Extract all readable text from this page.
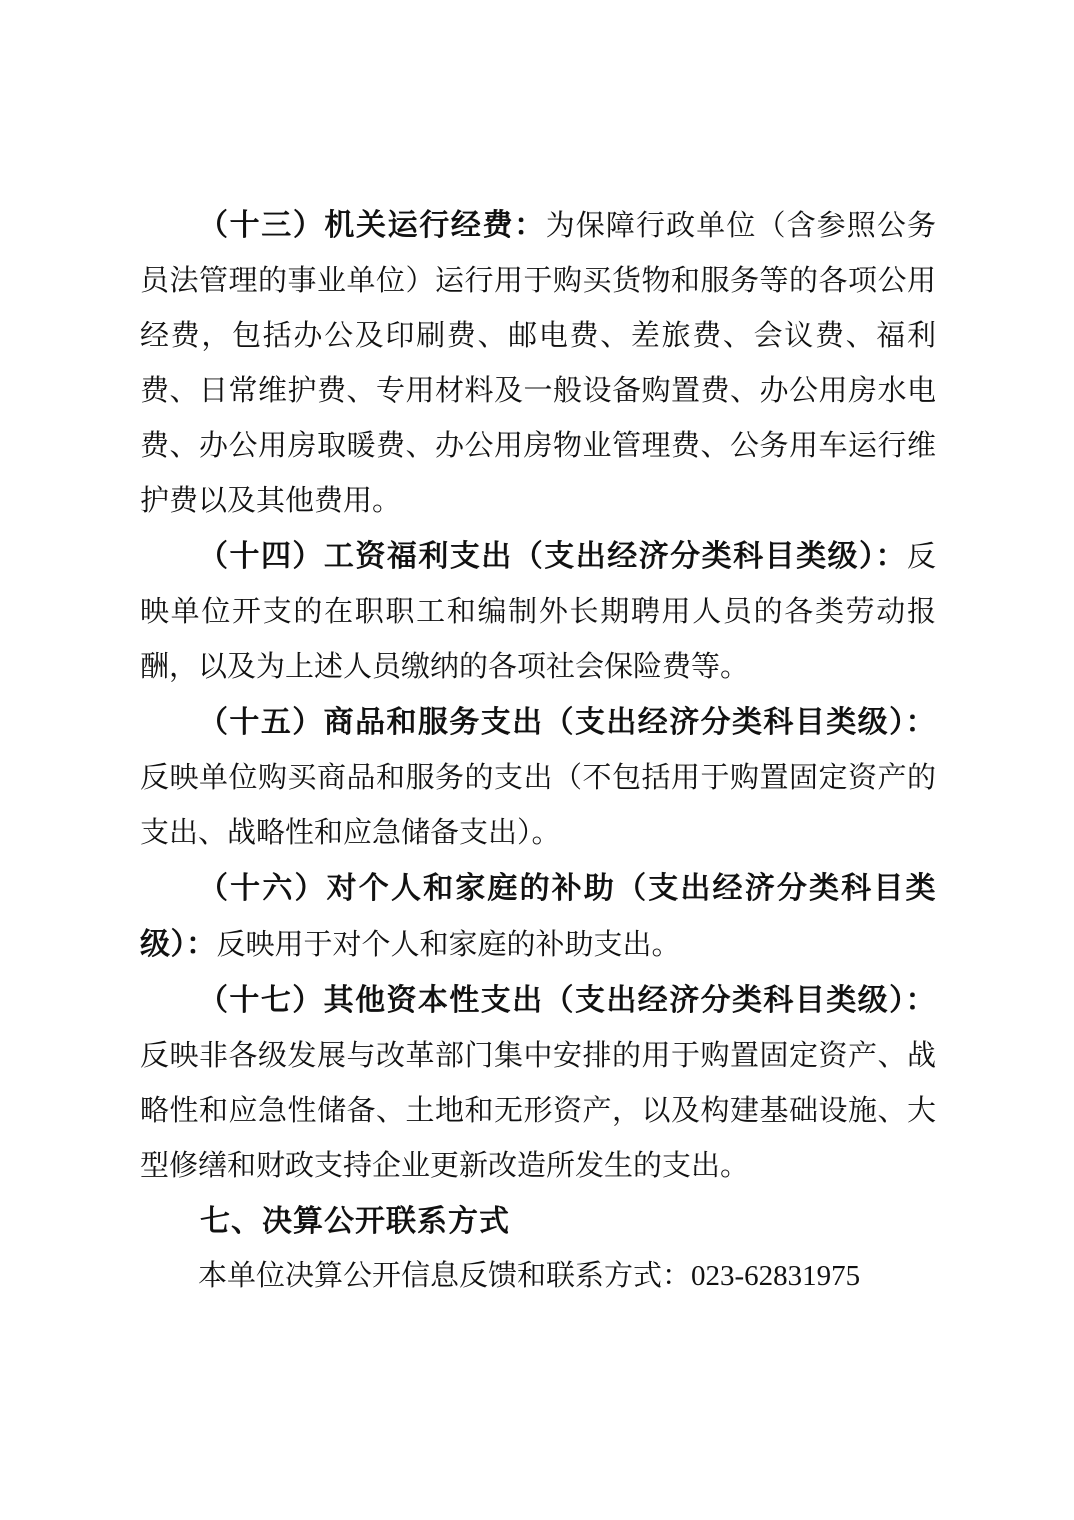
（十三）机关运行经费：为保障行政单位（含参照公务员法管理的事业单位）运行用于购买货物和服务等的各项公用经费，包括办公及印刷费、邮电费、差旅费、会议费、福利费、日常维护费、专用材料及一般设备购置费、办公用房水电费、办公用房取暖费、办公用房物业管理费、公务用车运行维护费以及其他费用。

（十四）工资福利支出（支出经济分类科目类级）：反映单位开支的在职职工和编制外长期聘用人员的各类劳动报酬，以及为上述人员缴纳的各项社会保险费等。

（十五）商品和服务支出（支出经济分类科目类级）：反映单位购买商品和服务的支出（不包括用于购置固定资产的支出、战略性和应急储备支出）。

（十六）对个人和家庭的补助（支出经济分类科目类级）：反映用于对个人和家庭的补助支出。

（十七）其他资本性支出（支出经济分类科目类级）：反映非各级发展与改革部门集中安排的用于购置固定资产、战略性和应急性储备、土地和无形资产，以及构建基础设施、大型修缮和财政支持企业更新改造所发生的支出。

七、决算公开联系方式

本单位决算公开信息反馈和联系方式：023-62831975
